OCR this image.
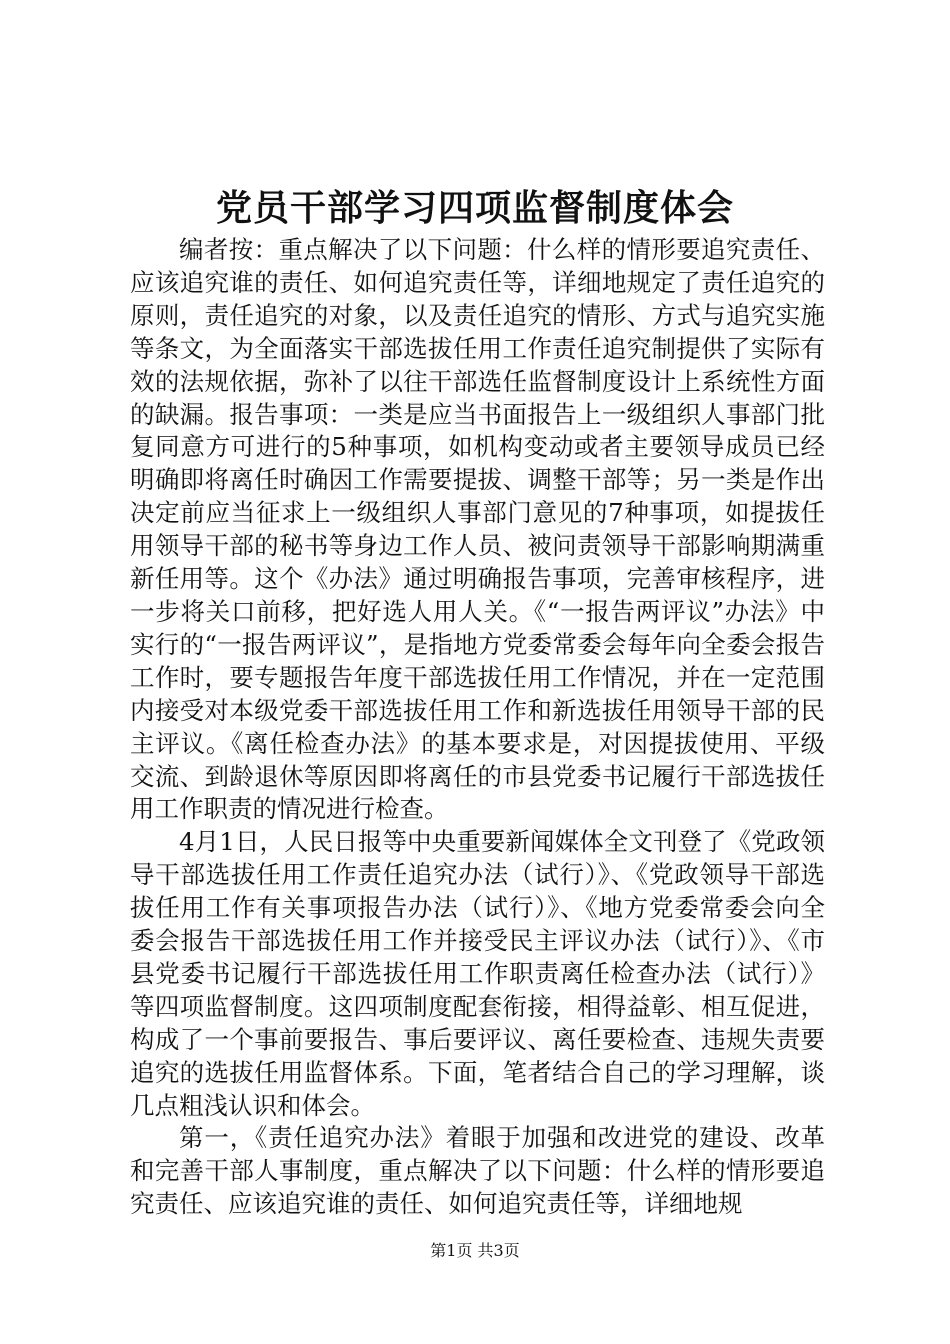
党员干部学习四项监督制度体会

编者按：重点解决了以下问题：什么样的情形要追究责任、应该追究谁的责任、如何追究责任等，详细地规定了责任追究的原则，责任追究的对象，以及责任追究的情形、方式与追究实施等条文，为全面落实干部选拔任用工作责任追究制提供了实际有效的法规依据，弥补了以往干部选任监督制度设计上系统性方面的缺漏。报告事项：一类是应当书面报告上一级组织人事部门批复同意方可进行的5种事项，如机构变动或者主要领导成员已经明确即将离任时确因工作需要提拔、调整干部等；另一类是作出决定前应当征求上一级组织人事部门意见的7种事项，如提拔任用领导干部的秘书等身边工作人员、被问责领导干部影响期满重新任用等。这个《办法》通过明确报告事项，完善审核程序，进一步将关口前移，把好选人用人关。《“一报告两评议”办法》中实行的“一报告两评议”，是指地方党委常委会每年向全委会报告工作时，要专题报告年度干部选拔任用工作情况，并在一定范围内接受对本级党委干部选拔任用工作和新选拔任用领导干部的民主评议。《离任检查办法》的基本要求是，对因提拔使用、平级交流、到龄退休等原因即将离任的市县党委书记履行干部选拔任用工作职责的情况进行检查。

4月1日，人民日报等中央重要新闻媒体全文刊登了《党政领导干部选拔任用工作责任追究办法（试行）》、《党政领导干部选拔任用工作有关事项报告办法（试行）》、《地方党委常委会向全委会报告干部选拔任用工作并接受民主评议办法（试行）》、《市县党委书记履行干部选拔任用工作职责离任检查办法（试行）》等四项监督制度。这四项制度配套衔接，相得益彰、相互促进，构成了一个事前要报告、事后要评议、离任要检查、违规失责要追究的选拔任用监督体系。下面，笔者结合自己的学习理解，谈几点粗浅认识和体会。

第一，《责任追究办法》着眼于加强和改进党的建设、改革和完善干部人事制度，重点解决了以下问题：什么样的情形要追究责任、应该追究谁的责任、如何追究责任等，详细地规

第1页 共3页
